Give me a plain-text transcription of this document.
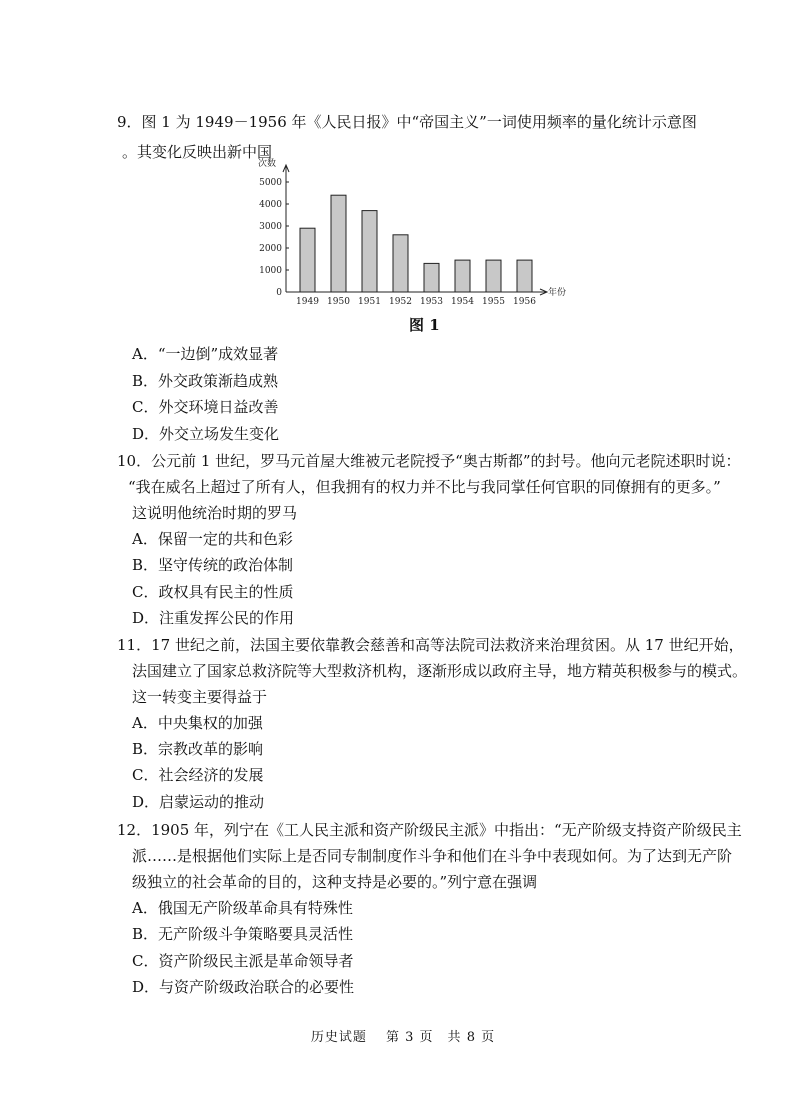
9．图 1 为 1949－1956 年《人民日报》中“帝国主义”一词使用频率的量化统计示意图
。其变化反映出新中国
次数
年份
0
1000
2000
3000
4000
5000
1949 1950 1951 1952 1953 1954 1955 1956
图 1
A．“一边倒”成效显著
B．外交政策渐趋成熟
C．外交环境日益改善
D．外交立场发生变化
10．公元前 1 世纪，罗马元首屋大维被元老院授予“奥古斯都”的封号。他向元老院述职时说：
“我在威名上超过了所有人，但我拥有的权力并不比与我同掌任何官职的同僚拥有的更多。”
这说明他统治时期的罗马
A．保留一定的共和色彩
B．坚守传统的政治体制
C．政权具有民主的性质
D．注重发挥公民的作用
11．17 世纪之前，法国主要依靠教会慈善和高等法院司法救济来治理贫困。从 17 世纪开始，
法国建立了国家总救济院等大型救济机构，逐渐形成以政府主导，地方精英积极参与的模式。
这一转变主要得益于
A．中央集权的加强
B．宗教改革的影响
C．社会经济的发展
D．启蒙运动的推动
12．1905 年，列宁在《工人民主派和资产阶级民主派》中指出：“无产阶级支持资产阶级民主
派……是根据他们实际上是否同专制制度作斗争和他们在斗争中表现如何。为了达到无产阶
级独立的社会革命的目的，这种支持是必要的。”列宁意在强调
A．俄国无产阶级革命具有特殊性
B．无产阶级斗争策略要具灵活性
C．资产阶级民主派是革命领导者
D．与资产阶级政治联合的必要性
历史试题　 第 3 页　共 8 页
